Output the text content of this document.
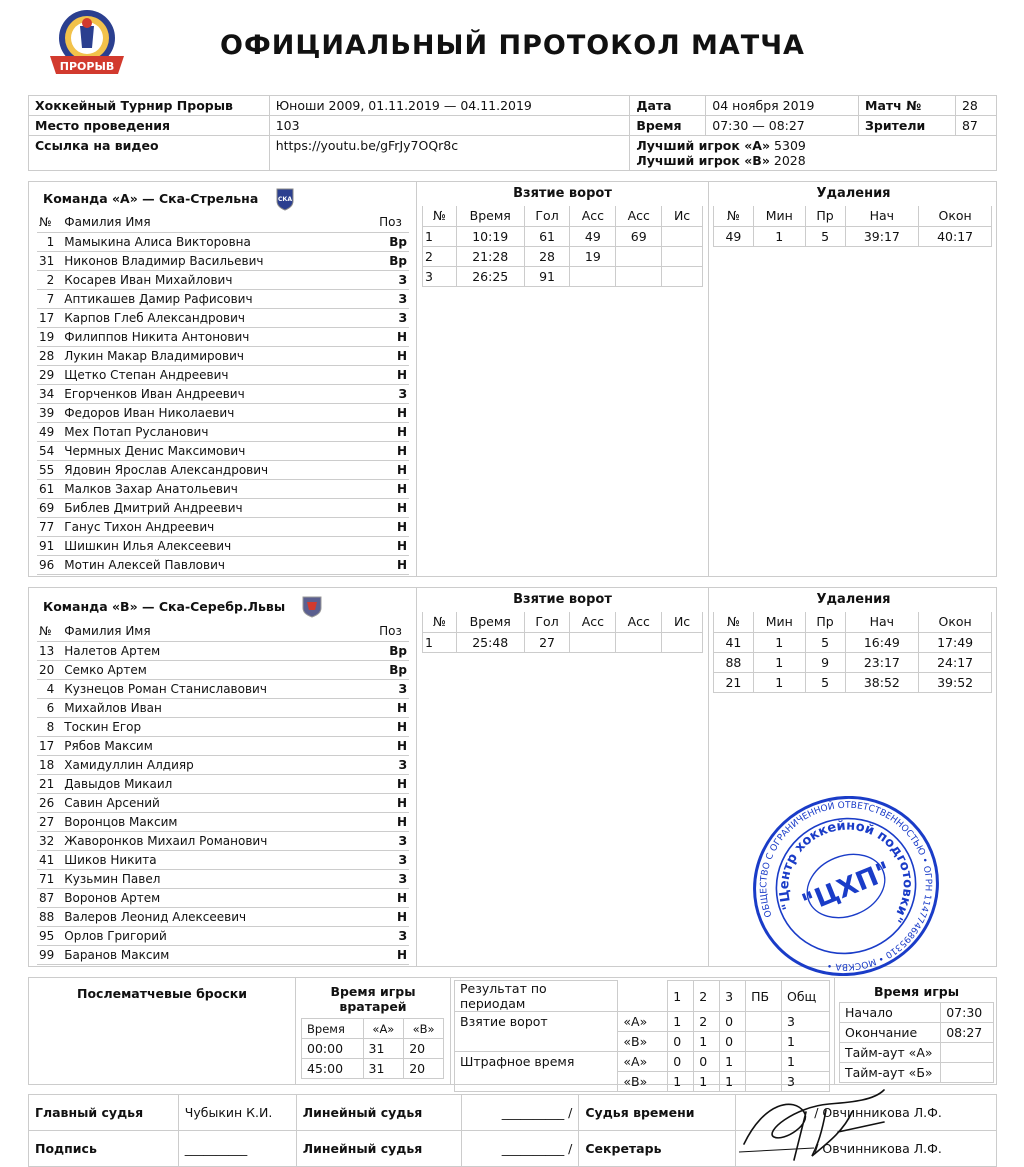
ПРОРЫВ
ОФИЦИАЛЬНЫЙ ПРОТОКОЛ МАТЧА
Хоккейный Турнир Прорыв	Юноши 2009, 01.11.2019 — 04.11.2019	Дата	04 ноября 2019	Матч №	28
Место проведения	103	Время	07:30 — 08:27	Зрители	87
Ссылка на видео	https://youtu.be/gFrJy7OQr8c	Лучший игрок «А» 5309
Лучший игрок «В» 2028			
Команда «А» — Ска-Стрельна	СКА
№	Фамилия Имя	Поз
1	Мамыкина Алиса Викторовна	Вр
31	Никонов Владимир Васильевич	Вр
2	Косарев Иван Михайлович	З
7	Аптикашев Дамир Рафисович	З
17	Карпов Глеб Александрович	З
19	Филиппов Никита Антонович	Н
28	Лукин Макар Владимирович	Н
29	Щетко Степан Андреевич	Н
34	Егорченков Иван Андреевич	З
39	Федоров Иван Николаевич	Н
49	Мех Потап Русланович	Н
54	Чермных Денис Максимович	Н
55	Ядовин Ярослав Александрович	Н
61	Малков Захар Анатольевич	Н
69	Библев Дмитрий Андреевич	Н
77	Ганус Тихон Андреевич	Н
91	Шишкин Илья Алексеевич	Н
96	Мотин Алексей Павлович	Н
Взятие ворот
№	Время	Гол	Асс	Асс	Ис
1	10:19	61	49	69	
2	21:28	28	19		
3	26:25	91			
Удаления
№	Мин	Пр	Нач	Окон
49	1	5	39:17	40:17
Команда «В» — Ска-Серебр.Львы
№	Фамилия Имя	Поз
13	Налетов Артем	Вр
20	Семко Артем	Вр
4	Кузнецов Роман Станиславович	З
6	Михайлов Иван	Н
8	Тоскин Егор	Н
17	Рябов Максим	Н
18	Хамидуллин Алдияр	З
21	Давыдов Микаил	Н
26	Савин Арсений	Н
27	Воронцов Максим	Н
32	Жаворонков Михаил Романович	З
41	Шиков Никита	З
71	Кузьмин Павел	З
87	Воронов Артем	Н
88	Валеров Леонид Алексеевич	Н
95	Орлов Григорий	З
99	Баранов Максим	Н
Взятие ворот
№	Время	Гол	Асс	Асс	Ис
1	25:48	27			
Удаления
№	Мин	Пр	Нач	Окон
41	1	5	16:49	17:49
88	1	9	23:17	24:17
21	1	5	38:52	39:52
ОБЩЕСТВО С ОГРАНИЧЕННОЙ ОТВЕТСТВЕННОСТЬЮ • ОГРН 1147746895310 • МОСКВА •
"Центр хоккейной подготовки"
"ЦХП"
Послематчевые броски	Время игры вратарей
Время	«А»	«В»
00:00	31	20
45:00	31	20
Результат по периодам		1	2	3	ПБ	Общ
Взятие ворот	«А»	1	2	0		3
	«В»	0	1	0		1
Штрафное время	«А»	0	0	1		1
	«В»	1	1	1		3
Время игры
Начало	07:30
Окончание	08:27
Тайм-аут «А»	
Тайм-аут «Б»	
Главный судья	Чубыкин К.И.	Линейный судья	__________ /	Судья времени	/ Овчинникова Л.Ф.
Подпись	__________	Линейный судья	__________ /	Секретарь	/ Овчинникова Л.Ф.
